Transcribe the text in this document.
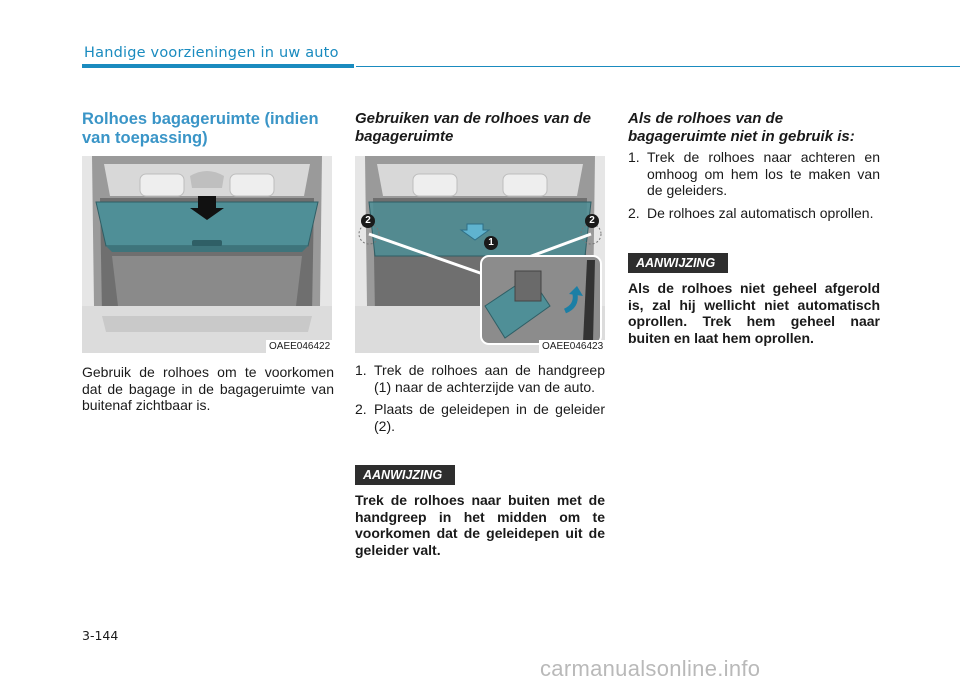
Handige voorzieningen in uw auto
Rolhoes bagageruimte (indien van toepassing)
OAEE046422

Gebruik de rolhoes om te voorkomen dat de bagage in de bagageruimte van buitenaf zichtbaar is.

Gebruiken van de rolhoes van de bagageruimte
1
2	2
OAEE046423
1. Trek de rolhoes aan de handgreep (1) naar de achterzijde van de auto.
2. Plaats de geleidepen in de geleider (2).
AANWIJZING

Trek de rolhoes naar buiten met de handgreep in het midden om te voorkomen dat de geleidepen uit de geleider valt.

Als de rolhoes van de bagageruimte niet in gebruik is:
1. Trek de rolhoes naar achteren en omhoog om hem los te maken van de geleiders.
2. De rolhoes zal automatisch oprollen.
AANWIJZING

Als de rolhoes niet geheel afgerold is, zal hij wellicht niet automatisch oprollen. Trek hem geheel naar buiten en laat hem oprollen.

3-144
carmanualsonline.info
